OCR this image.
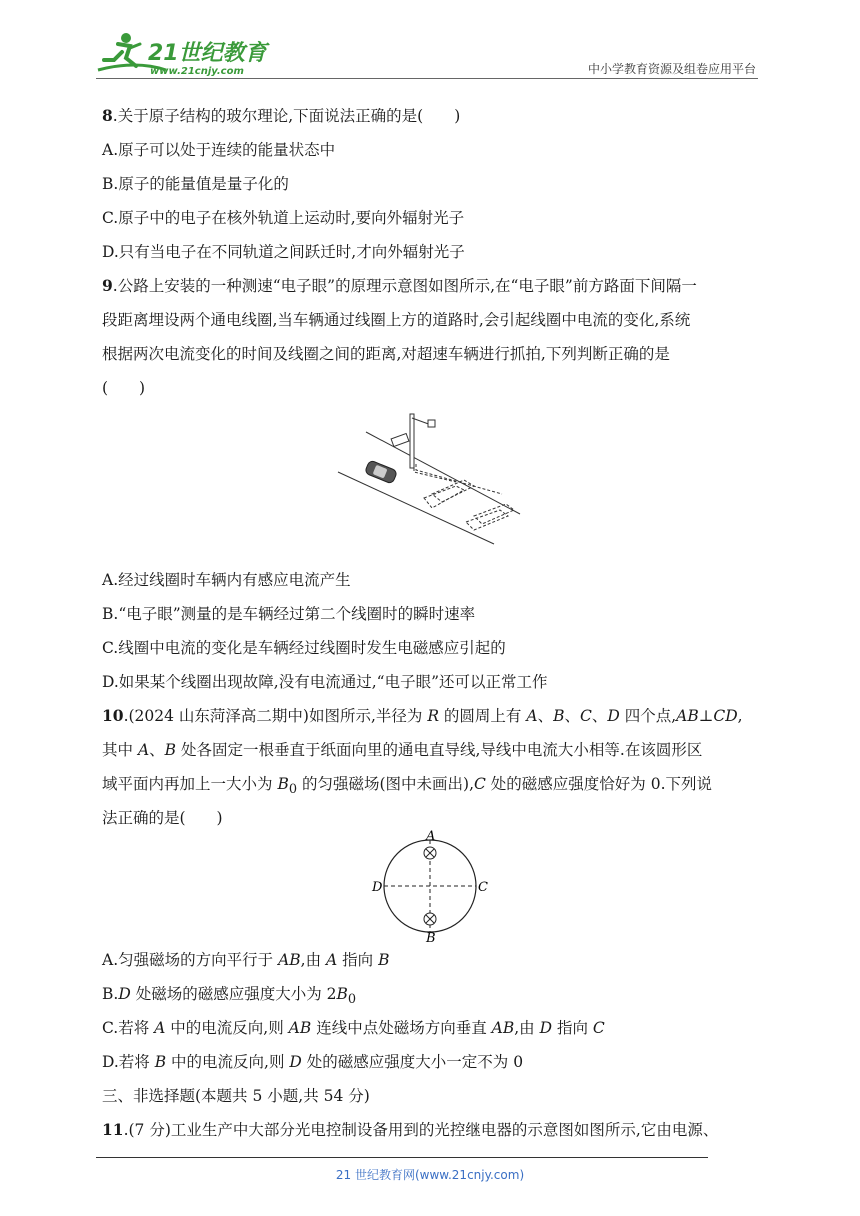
21世纪教育
www.21cnjy.com	中小学教育资源及组卷应用平台
8.关于原子结构的玻尔理论,下面说法正确的是(　　)
A.原子可以处于连续的能量状态中
B.原子的能量值是量子化的
C.原子中的电子在核外轨道上运动时,要向外辐射光子
D.只有当电子在不同轨道之间跃迁时,才向外辐射光子
9.公路上安装的一种测速“电子眼”的原理示意图如图所示,在“电子眼”前方路面下间隔一
段距离埋设两个通电线圈,当车辆通过线圈上方的道路时,会引起线圈中电流的变化,系统
根据两次电流变化的时间及线圈之间的距离,对超速车辆进行抓拍,下列判断正确的是
(　　)
A.经过线圈时车辆内有感应电流产生
B.“电子眼”测量的是车辆经过第二个线圈时的瞬时速率
C.线圈中电流的变化是车辆经过线圈时发生电磁感应引起的
D.如果某个线圈出现故障,没有电流通过,“电子眼”还可以正常工作
10.(2024 山东菏泽高二期中)如图所示,半径为 R 的圆周上有 A、B、C、D 四个点,AB⊥CD,
其中 A、B 处各固定一根垂直于纸面向里的通电直导线,导线中电流大小相等.在该圆形区
域平面内再加上一大小为 $B_0$ 的匀强磁场(图中未画出),C 处的磁感应强度恰好为 0.下列说
法正确的是(　　)
A
B
C
D
A.匀强磁场的方向平行于 AB,由 A 指向 B
B.D 处磁场的磁感应强度大小为 $2B_0$
C.若将 A 中的电流反向,则 AB 连线中点处磁场方向垂直 AB,由 D 指向 C
D.若将 B 中的电流反向,则 D 处的磁感应强度大小一定不为 0
三、非选择题(本题共 5 小题,共 54 分)
11.(7 分)工业生产中大部分光电控制设备用到的光控继电器的示意图如图所示,它由电源、
21 世纪教育网(www.21cnjy.com)
